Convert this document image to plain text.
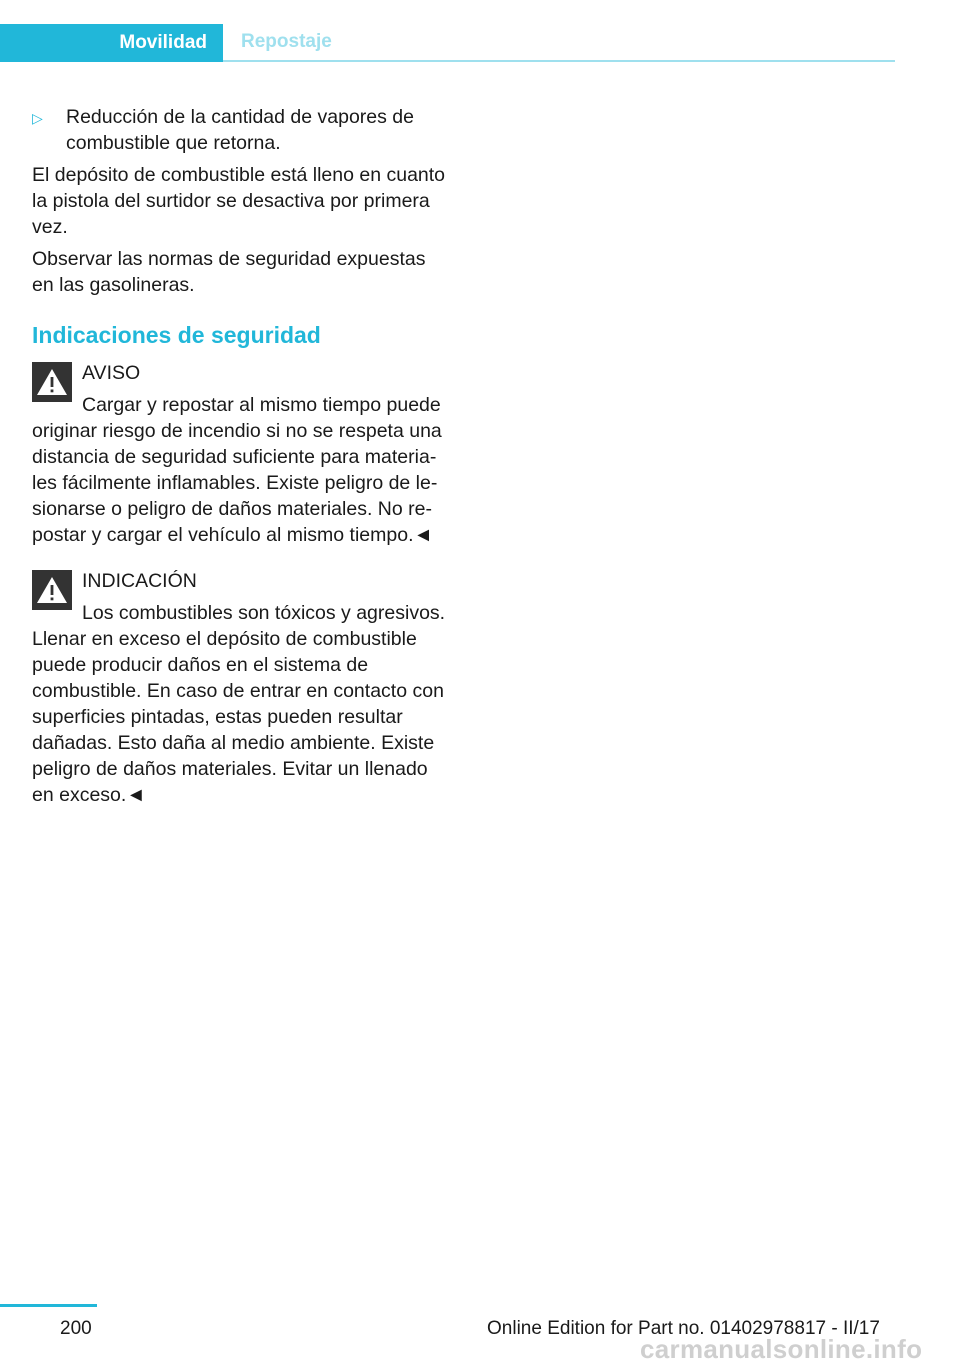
Movilidad	Repostaje
▷	Reducción de la cantidad de vapores de combustible que retorna.

El depósito de combustible está lleno en cuanto la pistola del surtidor se desactiva por primera vez.

Observar las normas de seguridad expuestas en las gasolineras.

Indicaciones de seguridad
AVISO
Cargar y repostar al mismo tiempo puede originar riesgo de incendio si no se respeta una distancia de seguridad suficiente para materiales fácilmente inflamables. Existe peligro de lesionarse o peligro de daños materiales. No repostar y cargar el vehículo al mismo tiempo.◄
INDICACIÓN
Los combustibles son tóxicos y agresivos. Llenar en exceso el depósito de combustible puede producir daños en el sistema de combustible. En caso de entrar en contacto con superficies pintadas, estas pueden resultar dañadas. Esto daña al medio ambiente. Existe peligro de daños materiales. Evitar un llenado en exceso.◄
200	Online Edition for Part no. 01402978817 - II/17
carmanualsonline.info
